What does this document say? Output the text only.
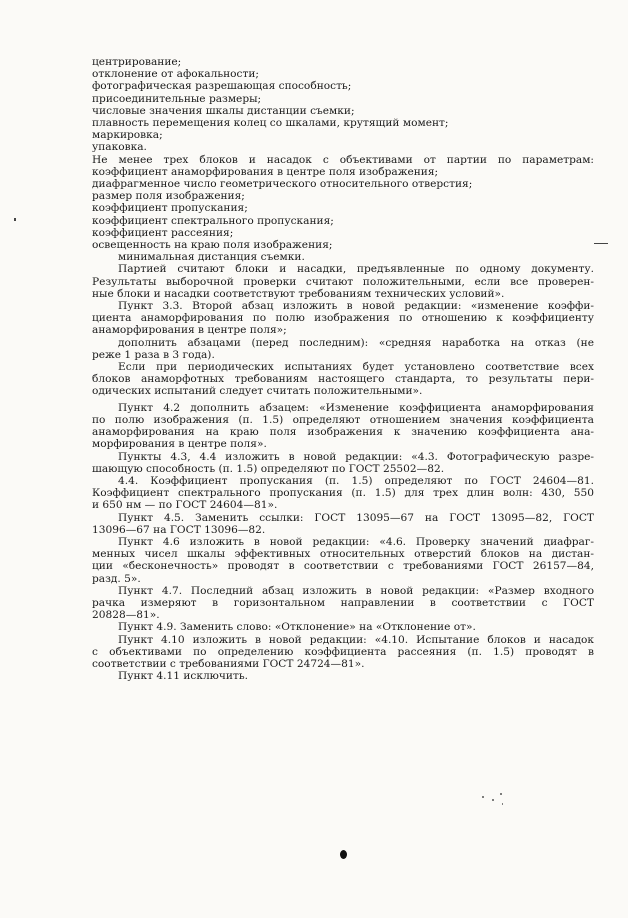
центрирование;
отклонение от афокальности;
фотографическая разрешающая способность;
присоединительные размеры;
числовые значения шкалы дистанции съемки;
плавность перемещения колец со шкалами, крутящий момент;
маркировка;
упаковка.
Не менее трех блоков и насадок с объективами от партии по параметрам:
коэффициент анаморфирования в центре поля изображения;
диафрагменное число геометрического относительного отверстия;
размер поля изображения;
коэффициент пропускания;
коэффициент спектрального пропускания;
коэффициент рассеяния;
освещенность на краю поля изображения;
минимальная дистанция съемки.
Партией считают блоки и насадки, предъявленные по одному документу.
Результаты выборочной проверки считают положительными, если все проверен-
ные блоки и насадки соответствуют требованиям технических условий».
Пункт 3.3. Второй абзац изложить в новой редакции: «изменение коэффи-
циента анаморфирования по полю изображения по отношению к коэффициенту
анаморфирования в центре поля»;
дополнить абзацами (перед последним): «средняя наработка на отказ (не
реже 1 раза в 3 года).
Если при периодических испытаниях будет установлено соответствие всех
блоков анаморфотных требованиям настоящего стандарта, то результаты пери-
одических испытаний следует считать положительными».
Пункт 4.2 дополнить абзацем: «Изменение коэффициента анаморфирования
по полю изображения (п. 1.5) определяют отношением значения коэффициента
анаморфирования на краю поля изображения к значению коэффициента ана-
морфирования в центре поля».
Пункты 4.3, 4.4 изложить в новой редакции: «4.3. Фотографическую разре-
шающую способность (п. 1.5) определяют по ГОСТ 25502—82.
4.4. Коэффициент пропускания (п. 1.5) определяют по ГОСТ 24604—81.
Коэффициент спектрального пропускания (п. 1.5) для трех длин волн: 430, 550
и 650 нм — по ГОСТ 24604—81».
Пункт 4.5. Заменить ссылки: ГОСТ 13095—67 на ГОСТ 13095—82, ГОСТ
13096—67 на ГОСТ 13096—82.
Пункт 4.6 изложить в новой редакции: «4.6. Проверку значений диафраг-
менных чисел шкалы эффективных относительных отверстий блоков на дистан-
ции «бесконечность» проводят в соответствии с требованиями ГОСТ 26157—84,
разд. 5».
Пункт 4.7. Последний абзац изложить в новой редакции: «Размер входного
рачка измеряют в горизонтальном направлении в соответствии с ГОСТ
20828—81».
Пункт 4.9. Заменить слово: «Отклонение» на «Отклонение от».
Пункт 4.10 изложить в новой редакции: «4.10. Испытание блоков и насадок
с объективами по определению коэффициента рассеяния (п. 1.5) проводят в
соответствии с требованиями ГОСТ 24724—81».
Пункт 4.11 исключить.
